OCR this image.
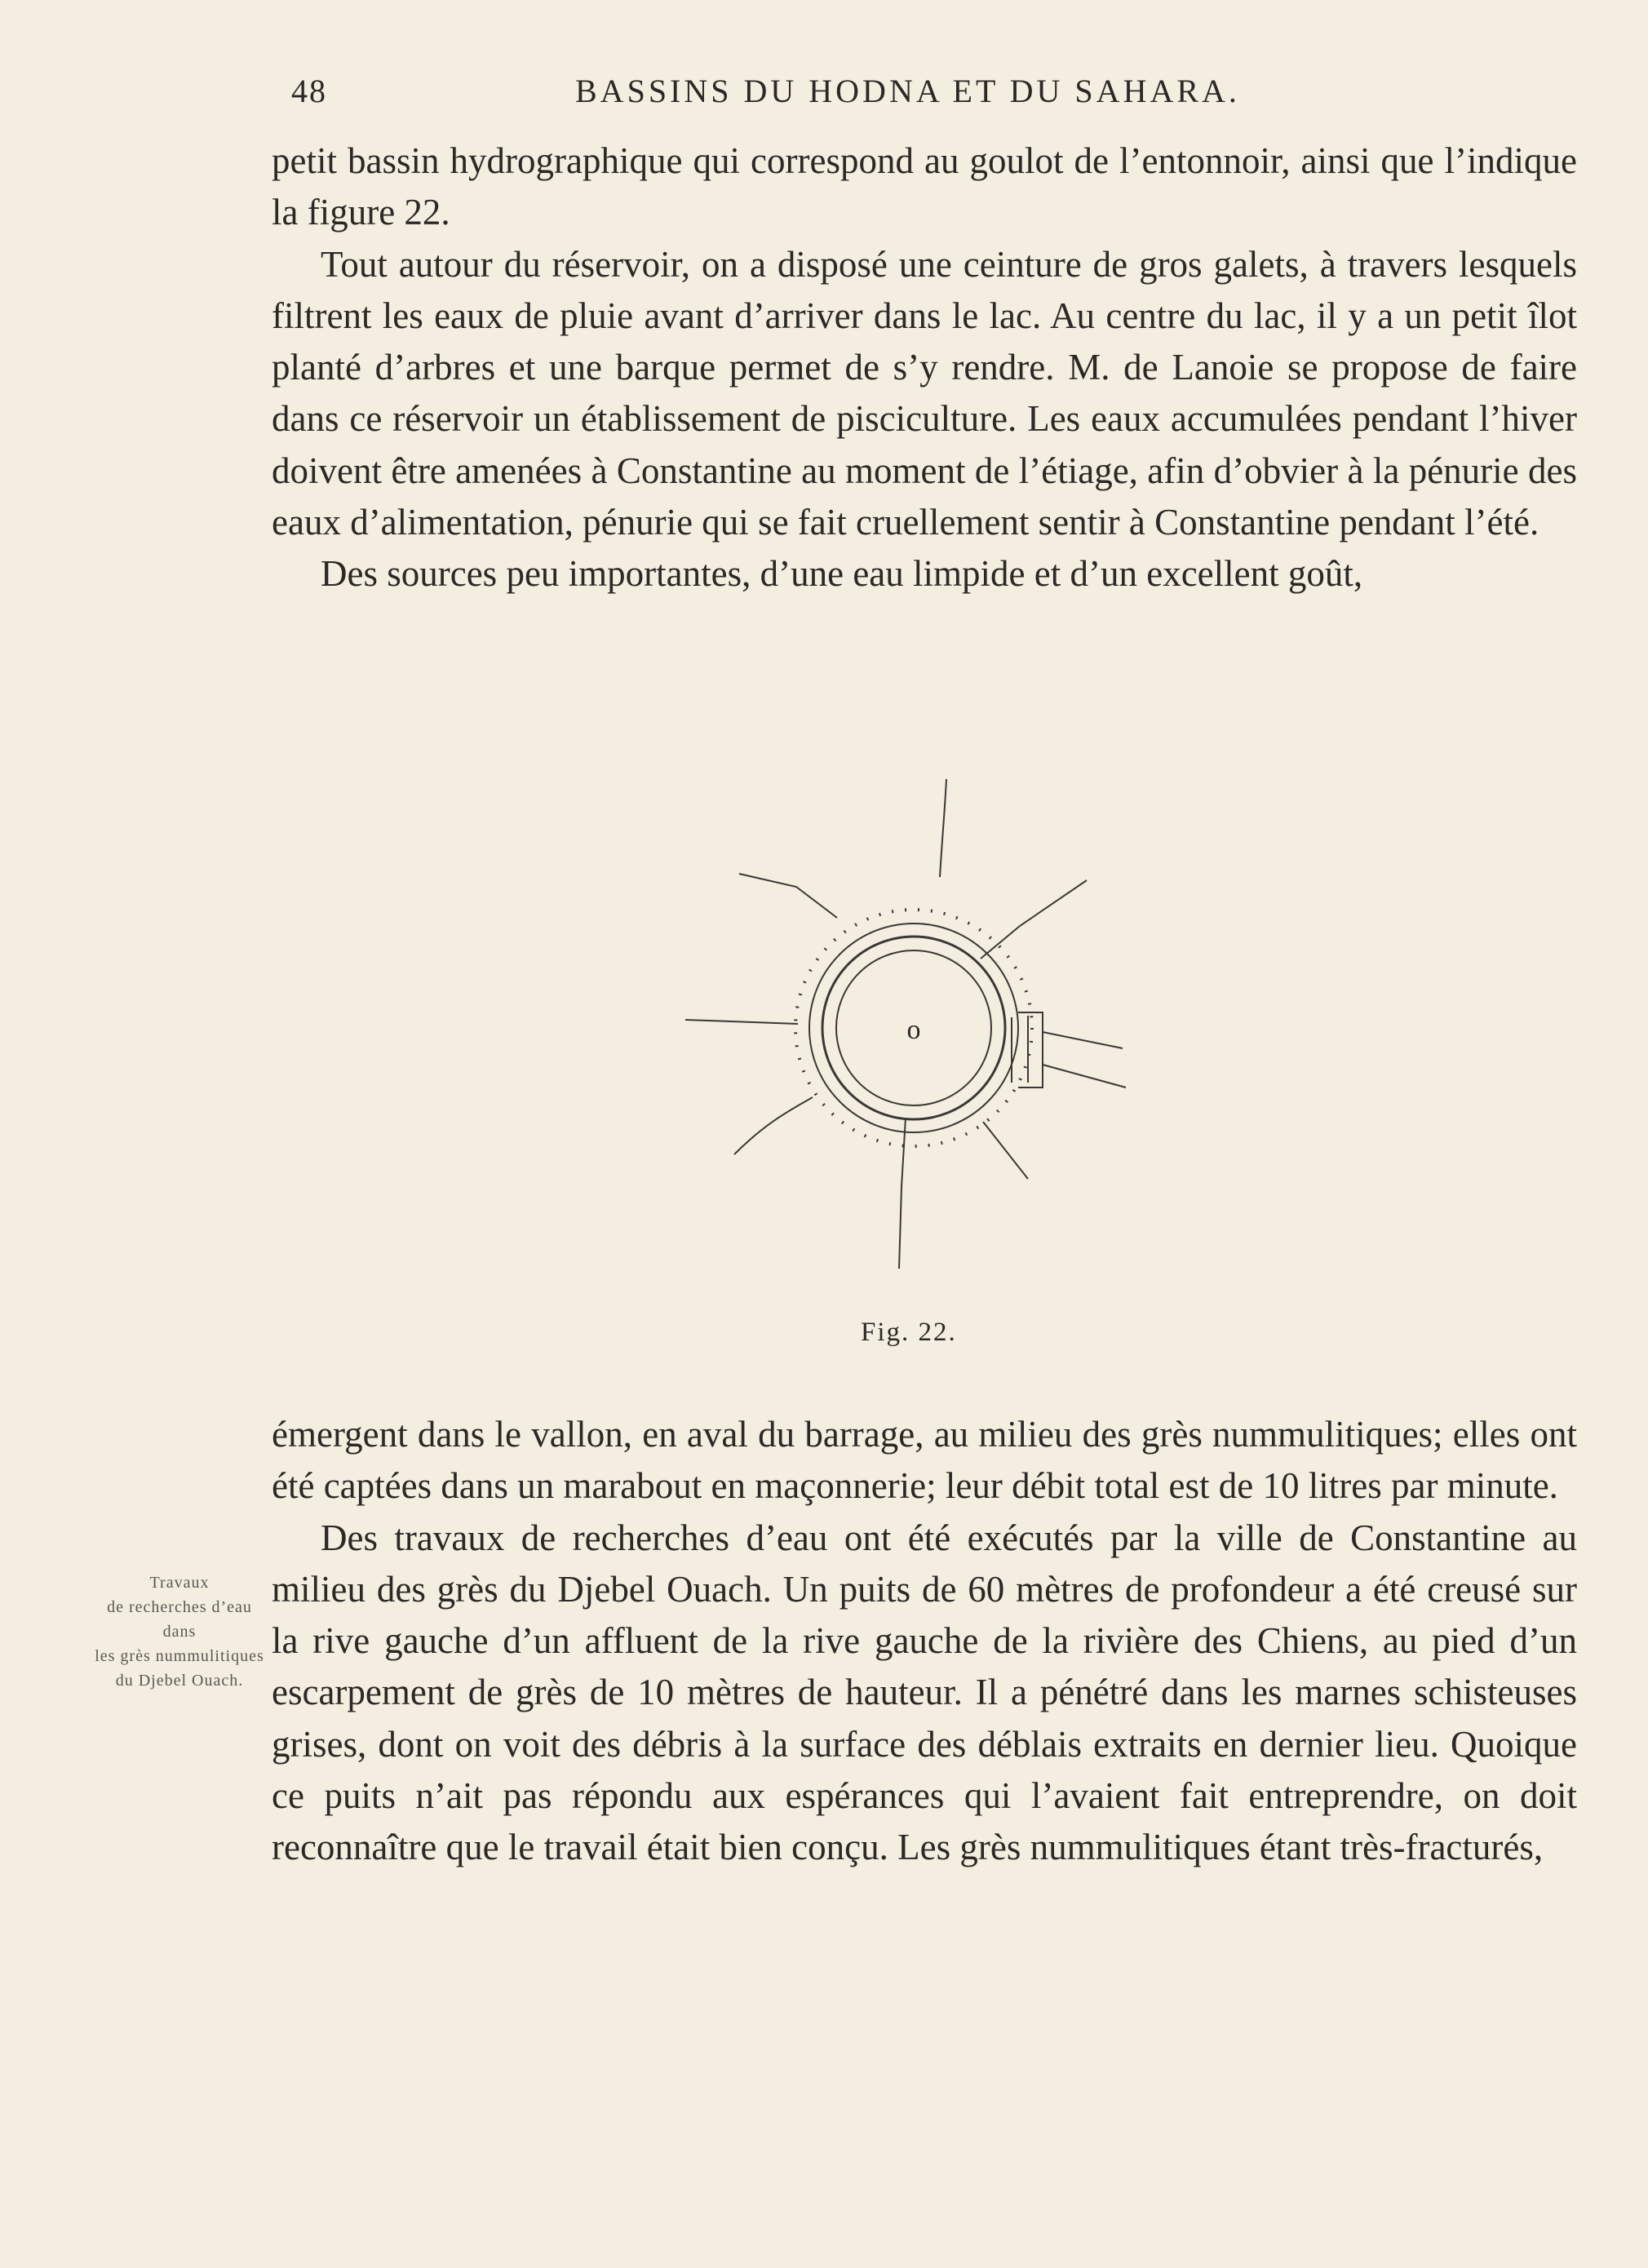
48	BASSINS DU HODNA ET DU SAHARA.

petit bassin hydrographique qui correspond au goulot de l’entonnoir, ainsi que l’indique la figure 22.

Tout autour du réservoir, on a disposé une ceinture de gros galets, à travers lesquels filtrent les eaux de pluie avant d’arriver dans le lac. Au centre du lac, il y a un petit îlot planté d’arbres et une barque permet de s’y rendre. M. de Lanoie se propose de faire dans ce réservoir un établissement de pisciculture. Les eaux accumulées pendant l’hiver doivent être amenées à Constantine au moment de l’étiage, afin d’obvier à la pénurie des eaux d’alimentation, pénurie qui se fait cruellement sentir à Constantine pendant l’été.

Des sources peu importantes, d’une eau limpide et d’un excellent goût,

o
Fig. 22.

émergent dans le vallon, en aval du barrage, au milieu des grès nummulitiques; elles ont été captées dans un marabout en maçonnerie; leur débit total est de 10 litres par minute.

Des travaux de recherches d’eau ont été exécutés par la ville de Constantine au milieu des grès du Djebel Ouach. Un puits de 60 mètres de profondeur a été creusé sur la rive gauche d’un affluent de la rive gauche de la rivière des Chiens, au pied d’un escarpement de grès de 10 mètres de hauteur. Il a pénétré dans les marnes schisteuses grises, dont on voit des débris à la surface des déblais extraits en dernier lieu. Quoique ce puits n’ait pas répondu aux espérances qui l’avaient fait entreprendre, on doit reconnaître que le travail était bien conçu. Les grès nummulitiques étant très-fracturés,

Travaux
de recherches d’eau
dans
les grès nummulitiques
du Djebel Ouach.
